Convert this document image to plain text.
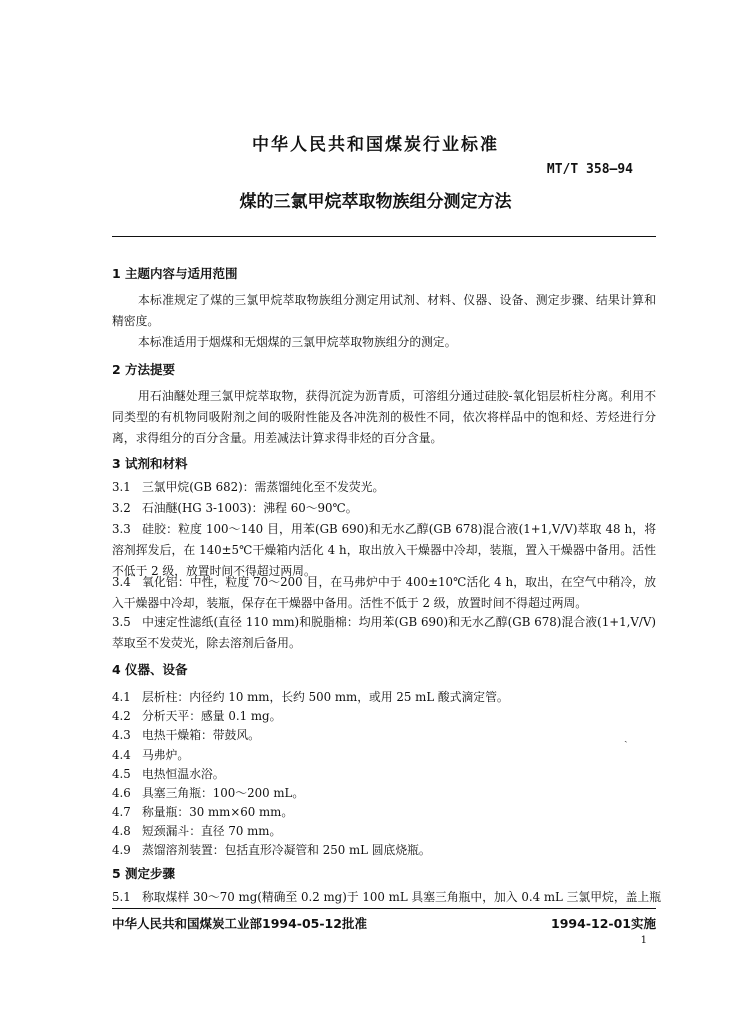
中华人民共和国煤炭行业标准
MT/T 358—94
煤的三氯甲烷萃取物族组分测定方法
1 主题内容与适用范围
本标准规定了煤的三氯甲烷萃取物族组分测定用试剂、材料、仪器、设备、测定步骤、结果计算和精密度。
本标准适用于烟煤和无烟煤的三氯甲烷萃取物族组分的测定。
2 方法提要
用石油醚处理三氯甲烷萃取物，获得沉淀为沥青质，可溶组分通过硅胶-氧化铝层析柱分离。利用不同类型的有机物同吸附剂之间的吸附性能及各冲洗剂的极性不同，依次将样品中的饱和烃、芳烃进行分离，求得组分的百分含量。用差减法计算求得非烃的百分含量。
3 试剂和材料
3.1 三氯甲烷(GB 682)：需蒸馏纯化至不发荧光。
3.2 石油醚(HG 3-1003)：沸程 60～90℃。
3.3 硅胶：粒度 100～140 目，用苯(GB 690)和无水乙醇(GB 678)混合液(1+1,V/V)萃取 48 h，将溶剂挥发后，在 140±5℃干燥箱内活化 4 h，取出放入干燥器中冷却，装瓶，置入干燥器中备用。活性不低于 2 级，放置时间不得超过两周。
3.4 氧化铝：中性，粒度 70～200 目，在马弗炉中于 400±10℃活化 4 h，取出，在空气中稍冷，放入干燥器中冷却，装瓶，保存在干燥器中备用。活性不低于 2 级，放置时间不得超过两周。
3.5 中速定性滤纸(直径 110 mm)和脱脂棉：均用苯(GB 690)和无水乙醇(GB 678)混合液(1+1,V/V)萃取至不发荧光，除去溶剂后备用。
4 仪器、设备
4.1 层析柱：内径约 10 mm，长约 500 mm，或用 25 mL 酸式滴定管。
4.2 分析天平：感量 0.1 mg。
4.3 电热干燥箱：带鼓风。
4.4 马弗炉。
4.5 电热恒温水浴。
4.6 具塞三角瓶：100～200 mL。
4.7 称量瓶：30 mm×60 mm。
4.8 短颈漏斗：直径 70 mm。
4.9 蒸馏溶剂装置：包括直形冷凝管和 250 mL 圆底烧瓶。
5 测定步骤
5.1 称取煤样 30～70 mg(精确至 0.2 mg)于 100 mL 具塞三角瓶中，加入 0.4 mL 三氯甲烷，盖上瓶
中华人民共和国煤炭工业部1994-05-12批准	1994-12-01实施
1
ˏ
